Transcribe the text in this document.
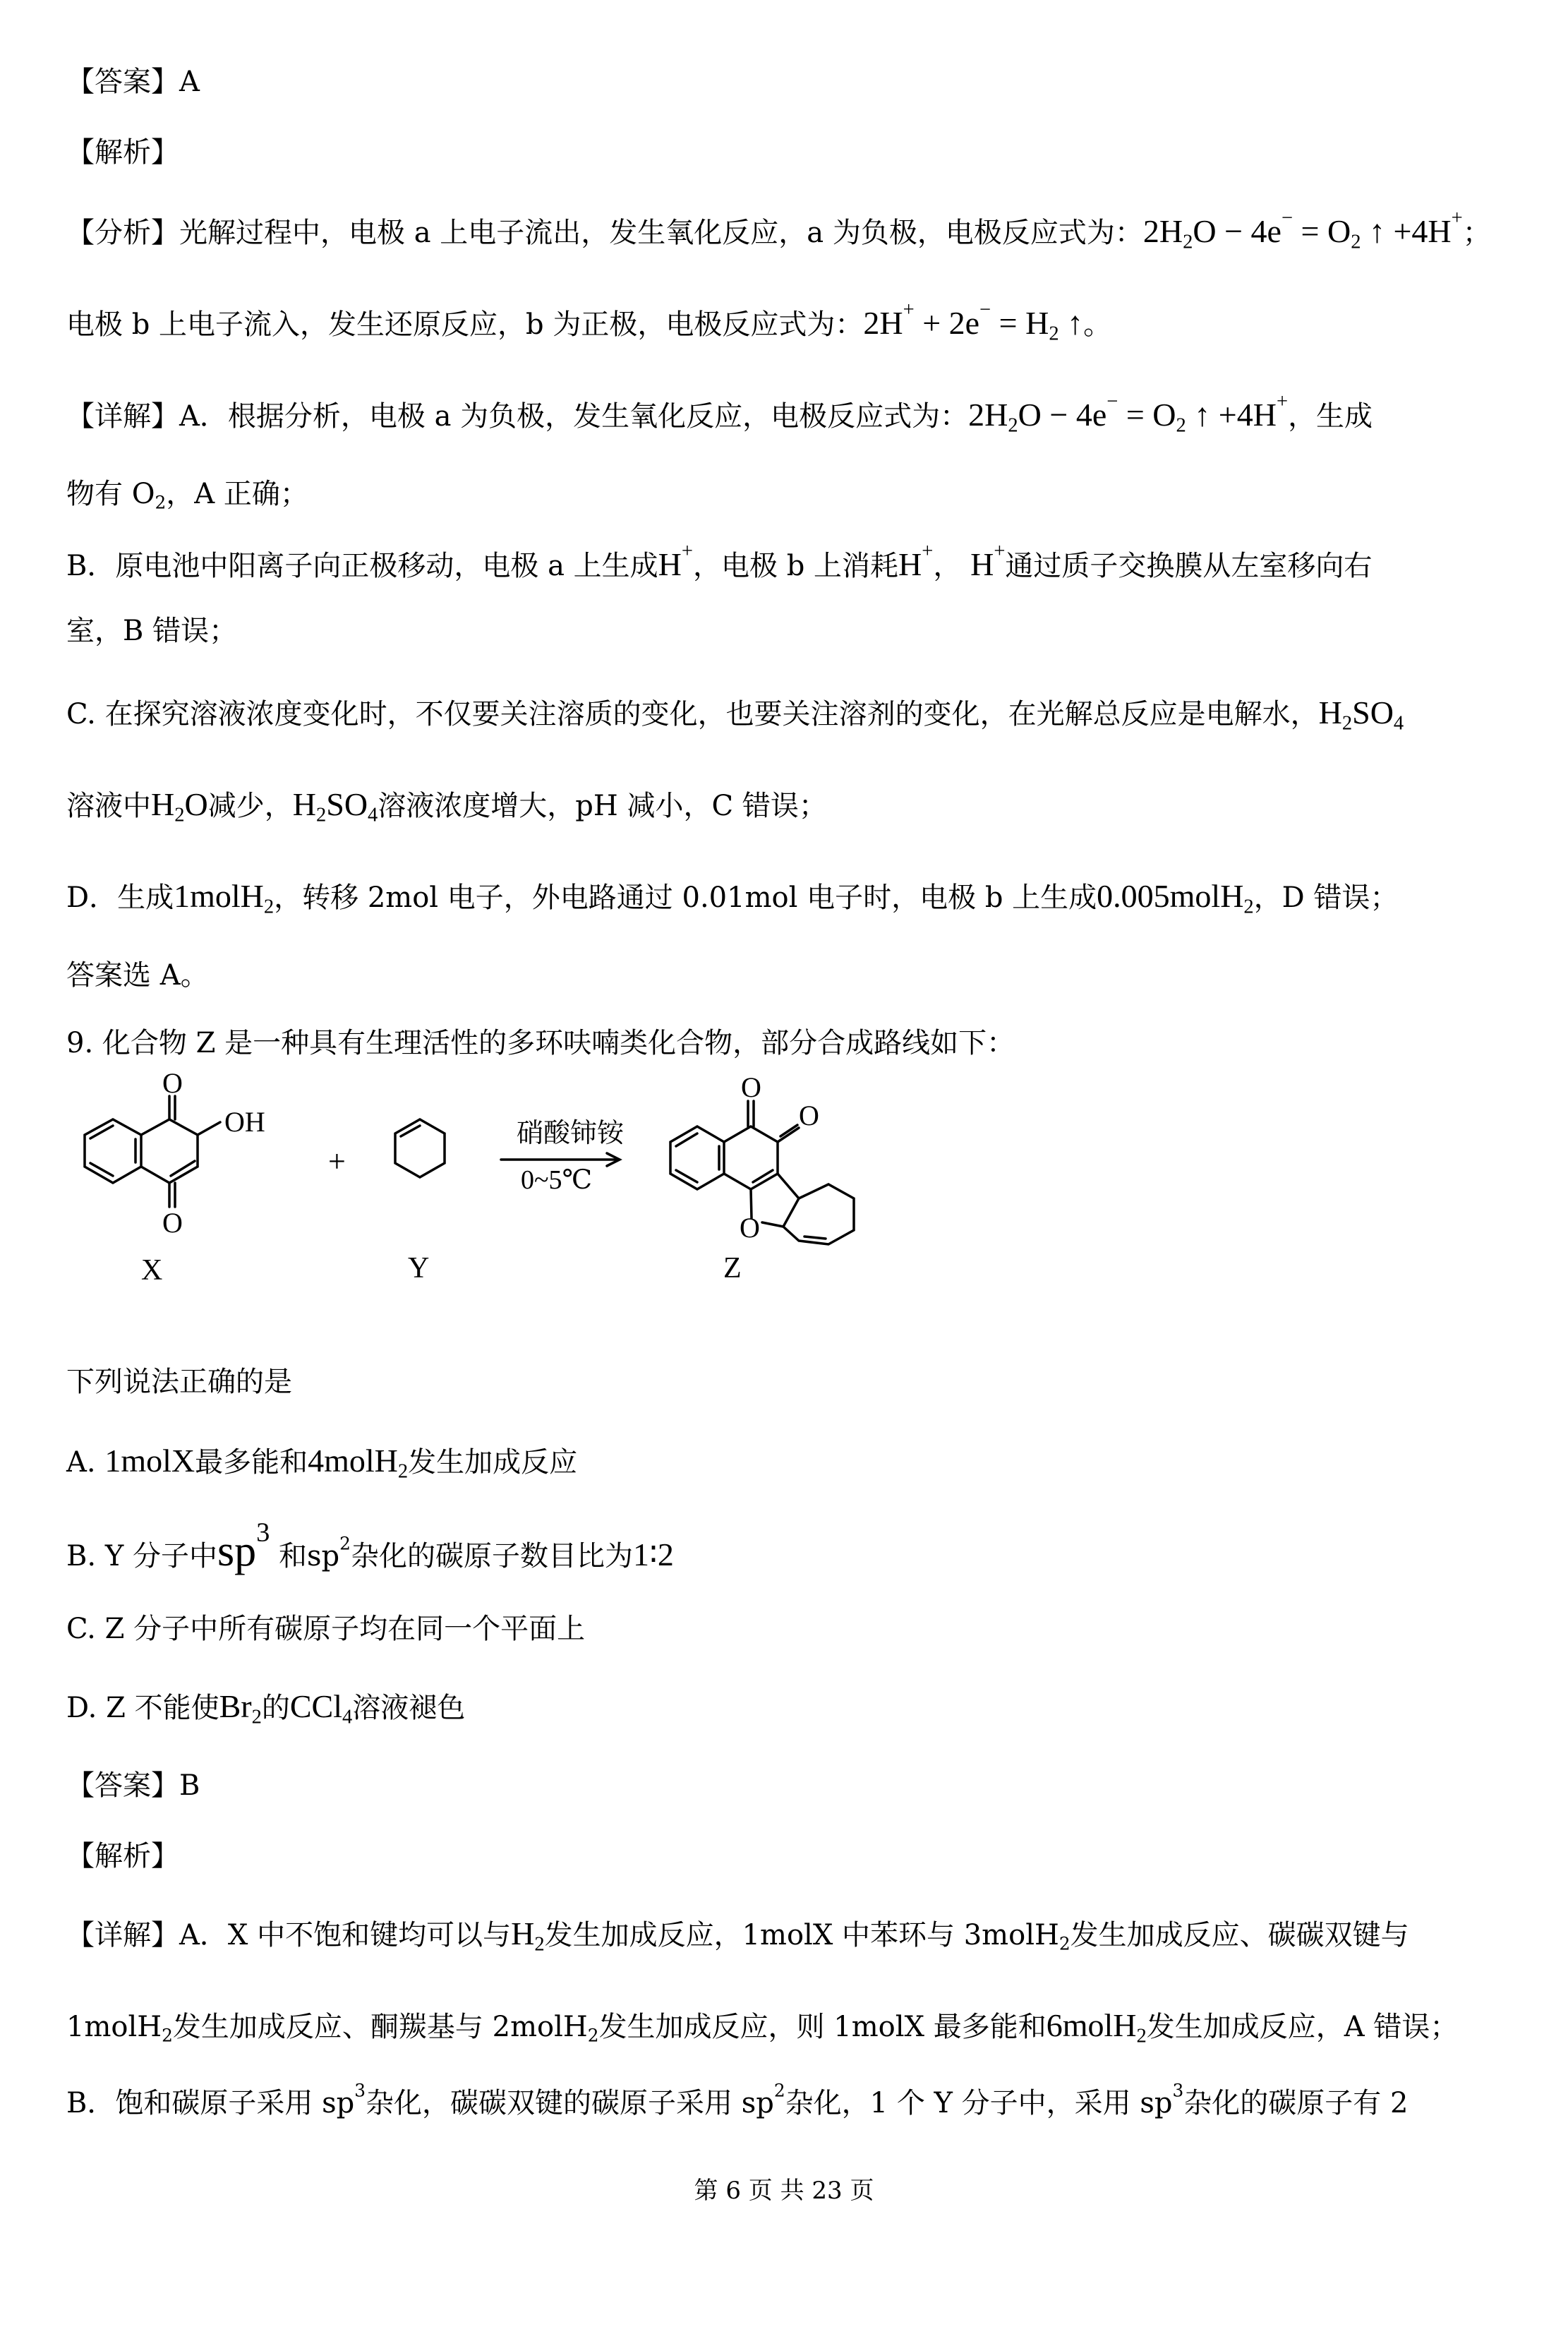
【答案】A
【解析】
【分析】光解过程中，电极 a 上电子流出，发生氧化反应，a 为负极，电极反应式为：$2H_2O - 4e^- = O_2$ ↑ +4H+；
电极 b 上电子流入，发生还原反应，b 为正极，电极反应式为：$2H^+ + 2e^- = H_2$ ↑。
【详解】A．根据分析，电极 a 为负极，发生氧化反应，电极反应式为：$2H_2O - 4e^- = O_2$ ↑ +4H+，生成
物有 $O_2$，A 正确；
B．原电池中阳离子向正极移动，电极 a 上生成H+，电极 b 上消耗H+， H+通过质子交换膜从左室移向右
室，B 错误；
C. 在探究溶液浓度变化时，不仅要关注溶质的变化，也要关注溶剂的变化，在光解总反应是电解水，$H_2SO_4$
溶液中$H_2O$减少，$H_2SO_4$溶液浓度增大，pH 减小，C 错误；
D．生成1molH$_2$，转移 2mol 电子，外电路通过 0.01mol 电子时，电极 b 上生成0.005molH$_2$，D 错误；
答案选 A。
9. 化合物 Z 是一种具有生理活性的多环呋喃类化合物，部分合成路线如下：
O
O
OH
+
硝酸铈铵
0~5℃
O
O
O
X	Y	Z
下列说法正确的是
A. 1molX最多能和4molH$_2$发生加成反应
B. Y 分子中$sp^3$ 和$sp^2$杂化的碳原子数目比为1∶2
C. Z 分子中所有碳原子均在同一个平面上
D. Z 不能使$Br_2$的CCl$_4$溶液褪色
【答案】B
【解析】
【详解】A．X 中不饱和键均可以与$H_2$发生加成反应，1molX 中苯环与 3molH$_2$发生加成反应、碳碳双键与
1molH$_2$发生加成反应、酮羰基与 2molH$_2$发生加成反应，则 1molX 最多能和6molH$_2$发生加成反应，A 错误；
B．饱和碳原子采用 $sp^3$杂化，碳碳双键的碳原子采用 $sp^2$杂化，1 个 Y 分子中，采用 $sp^3$杂化的碳原子有 2
第 6 页 共 23 页
